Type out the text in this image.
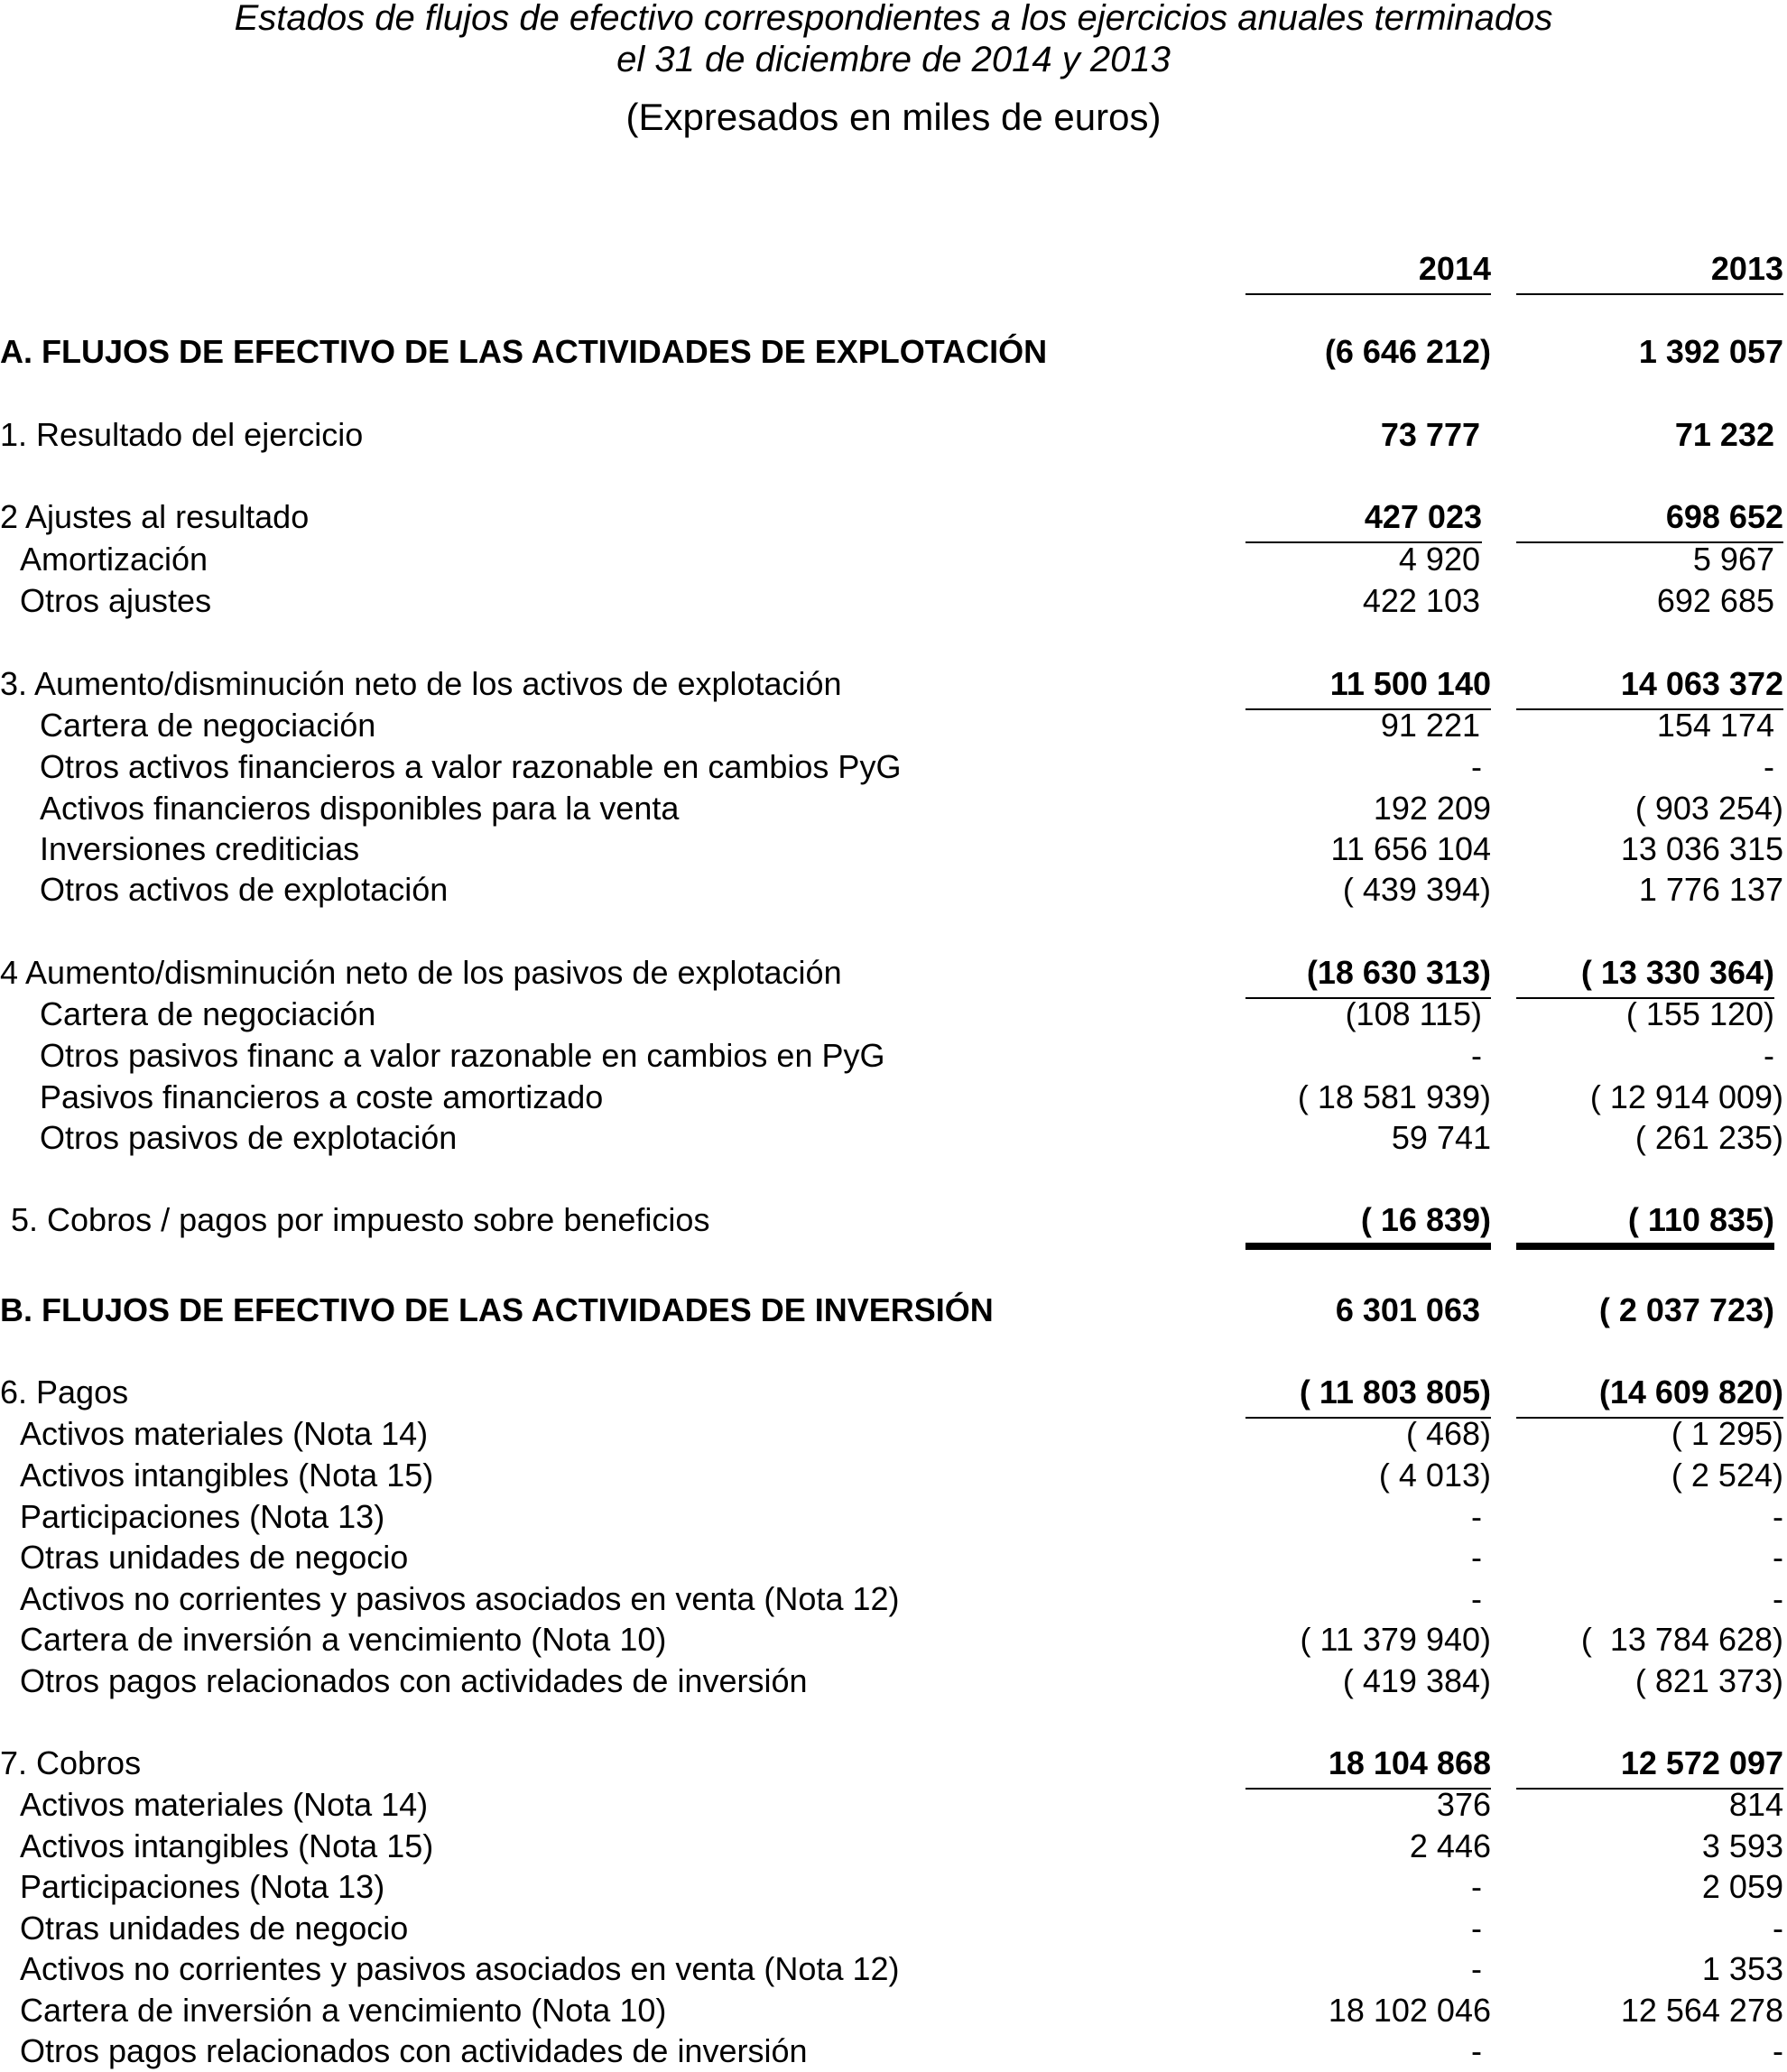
Estados de flujos de efectivo correspondientes a los ejercicios anuales terminados
el 31 de diciembre de 2014 y 2013
(Expresados en miles de euros)
2014	2013
A. FLUJOS DE EFECTIVO DE LAS ACTIVIDADES DE EXPLOTACIÓN	(6 646 212)	1 392 057
1. Resultado del ejercicio	73 777	71 232
2 Ajustes al resultado	427 023	698 652
Amortización	4 920	5 967
Otros ajustes	422 103	692 685
3. Aumento/disminución neto de los activos de explotación	11 500 140	14 063 372
Cartera de negociación	91 221	154 174
Otros activos financieros a valor razonable en cambios PyG	-	-
Activos financieros disponibles para la venta	192 209	( 903 254)
Inversiones crediticias	11 656 104	13 036 315
Otros activos de explotación	( 439 394)	1 776 137
4 Aumento/disminución neto de los pasivos de explotación	(18 630 313)	( 13 330 364)
Cartera de negociación	(108 115)	( 155 120)
Otros pasivos financ a valor razonable en cambios en PyG	-	-
Pasivos financieros a coste amortizado	( 18 581 939)	( 12 914 009)
Otros pasivos de explotación	59 741	( 261 235)
5. Cobros / pagos por impuesto sobre beneficios	( 16 839)	( 110 835)
B. FLUJOS DE EFECTIVO DE LAS ACTIVIDADES DE INVERSIÓN	6 301 063	( 2 037 723)
6. Pagos	( 11 803 805)	(14 609 820)
Activos materiales (Nota 14)	( 468)	( 1 295)
Activos intangibles (Nota 15)	( 4 013)	( 2 524)
Participaciones (Nota 13)	-	-
Otras unidades de negocio	-	-
Activos no corrientes y pasivos asociados en venta (Nota 12)	-	-
Cartera de inversión a vencimiento (Nota 10)	( 11 379 940)	(  13 784 628)
Otros pagos relacionados con actividades de inversión	( 419 384)	( 821 373)
7. Cobros	18 104 868	12 572 097
Activos materiales (Nota 14)	376	814
Activos intangibles (Nota 15)	2 446	3 593
Participaciones (Nota 13)	-	2 059
Otras unidades de negocio	-	-
Activos no corrientes y pasivos asociados en venta (Nota 12)	-	1 353
Cartera de inversión a vencimiento (Nota 10)	18 102 046	12 564 278
Otros pagos relacionados con actividades de inversión	-	-
